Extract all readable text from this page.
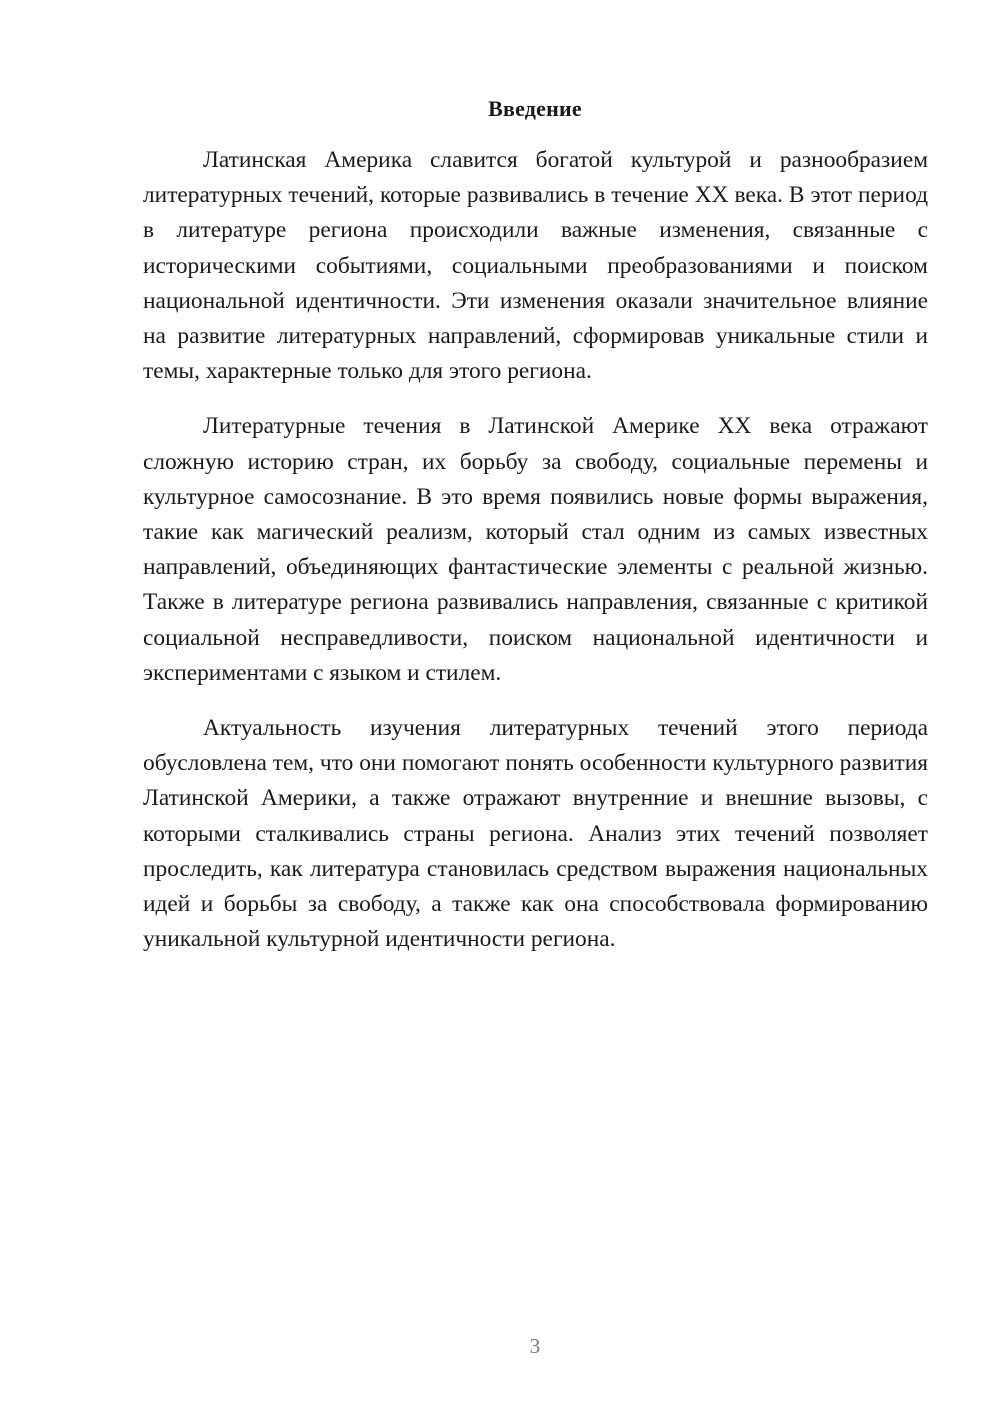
Введение

Латинская Америка славится богатой культурой и разнообразием литературных течений, которые развивались в течение XX века. В этот период в литературе региона происходили важные изменения, связанные с историческими событиями, социальными преобразованиями и поиском национальной идентичности. Эти изменения оказали значительное влияние на развитие литературных направлений, сформировав уникальные стили и темы, характерные только для этого региона.

Литературные течения в Латинской Америке XX века отражают сложную историю стран, их борьбу за свободу, социальные перемены и культурное самосознание. В это время появились новые формы выражения, такие как магический реализм, который стал одним из самых известных направлений, объединяющих фантастические элементы с реальной жизнью. Также в литературе региона развивались направления, связанные с критикой социальной несправедливости, поиском национальной идентичности и экспериментами с языком и стилем.

Актуальность изучения литературных течений этого периода обусловлена тем, что они помогают понять особенности культурного развития Латинской Америки, а также отражают внутренние и внешние вызовы, с которыми сталкивались страны региона. Анализ этих течений позволяет проследить, как литература становилась средством выражения национальных идей и борьбы за свободу, а также как она способствовала формированию уникальной культурной идентичности региона.

3
